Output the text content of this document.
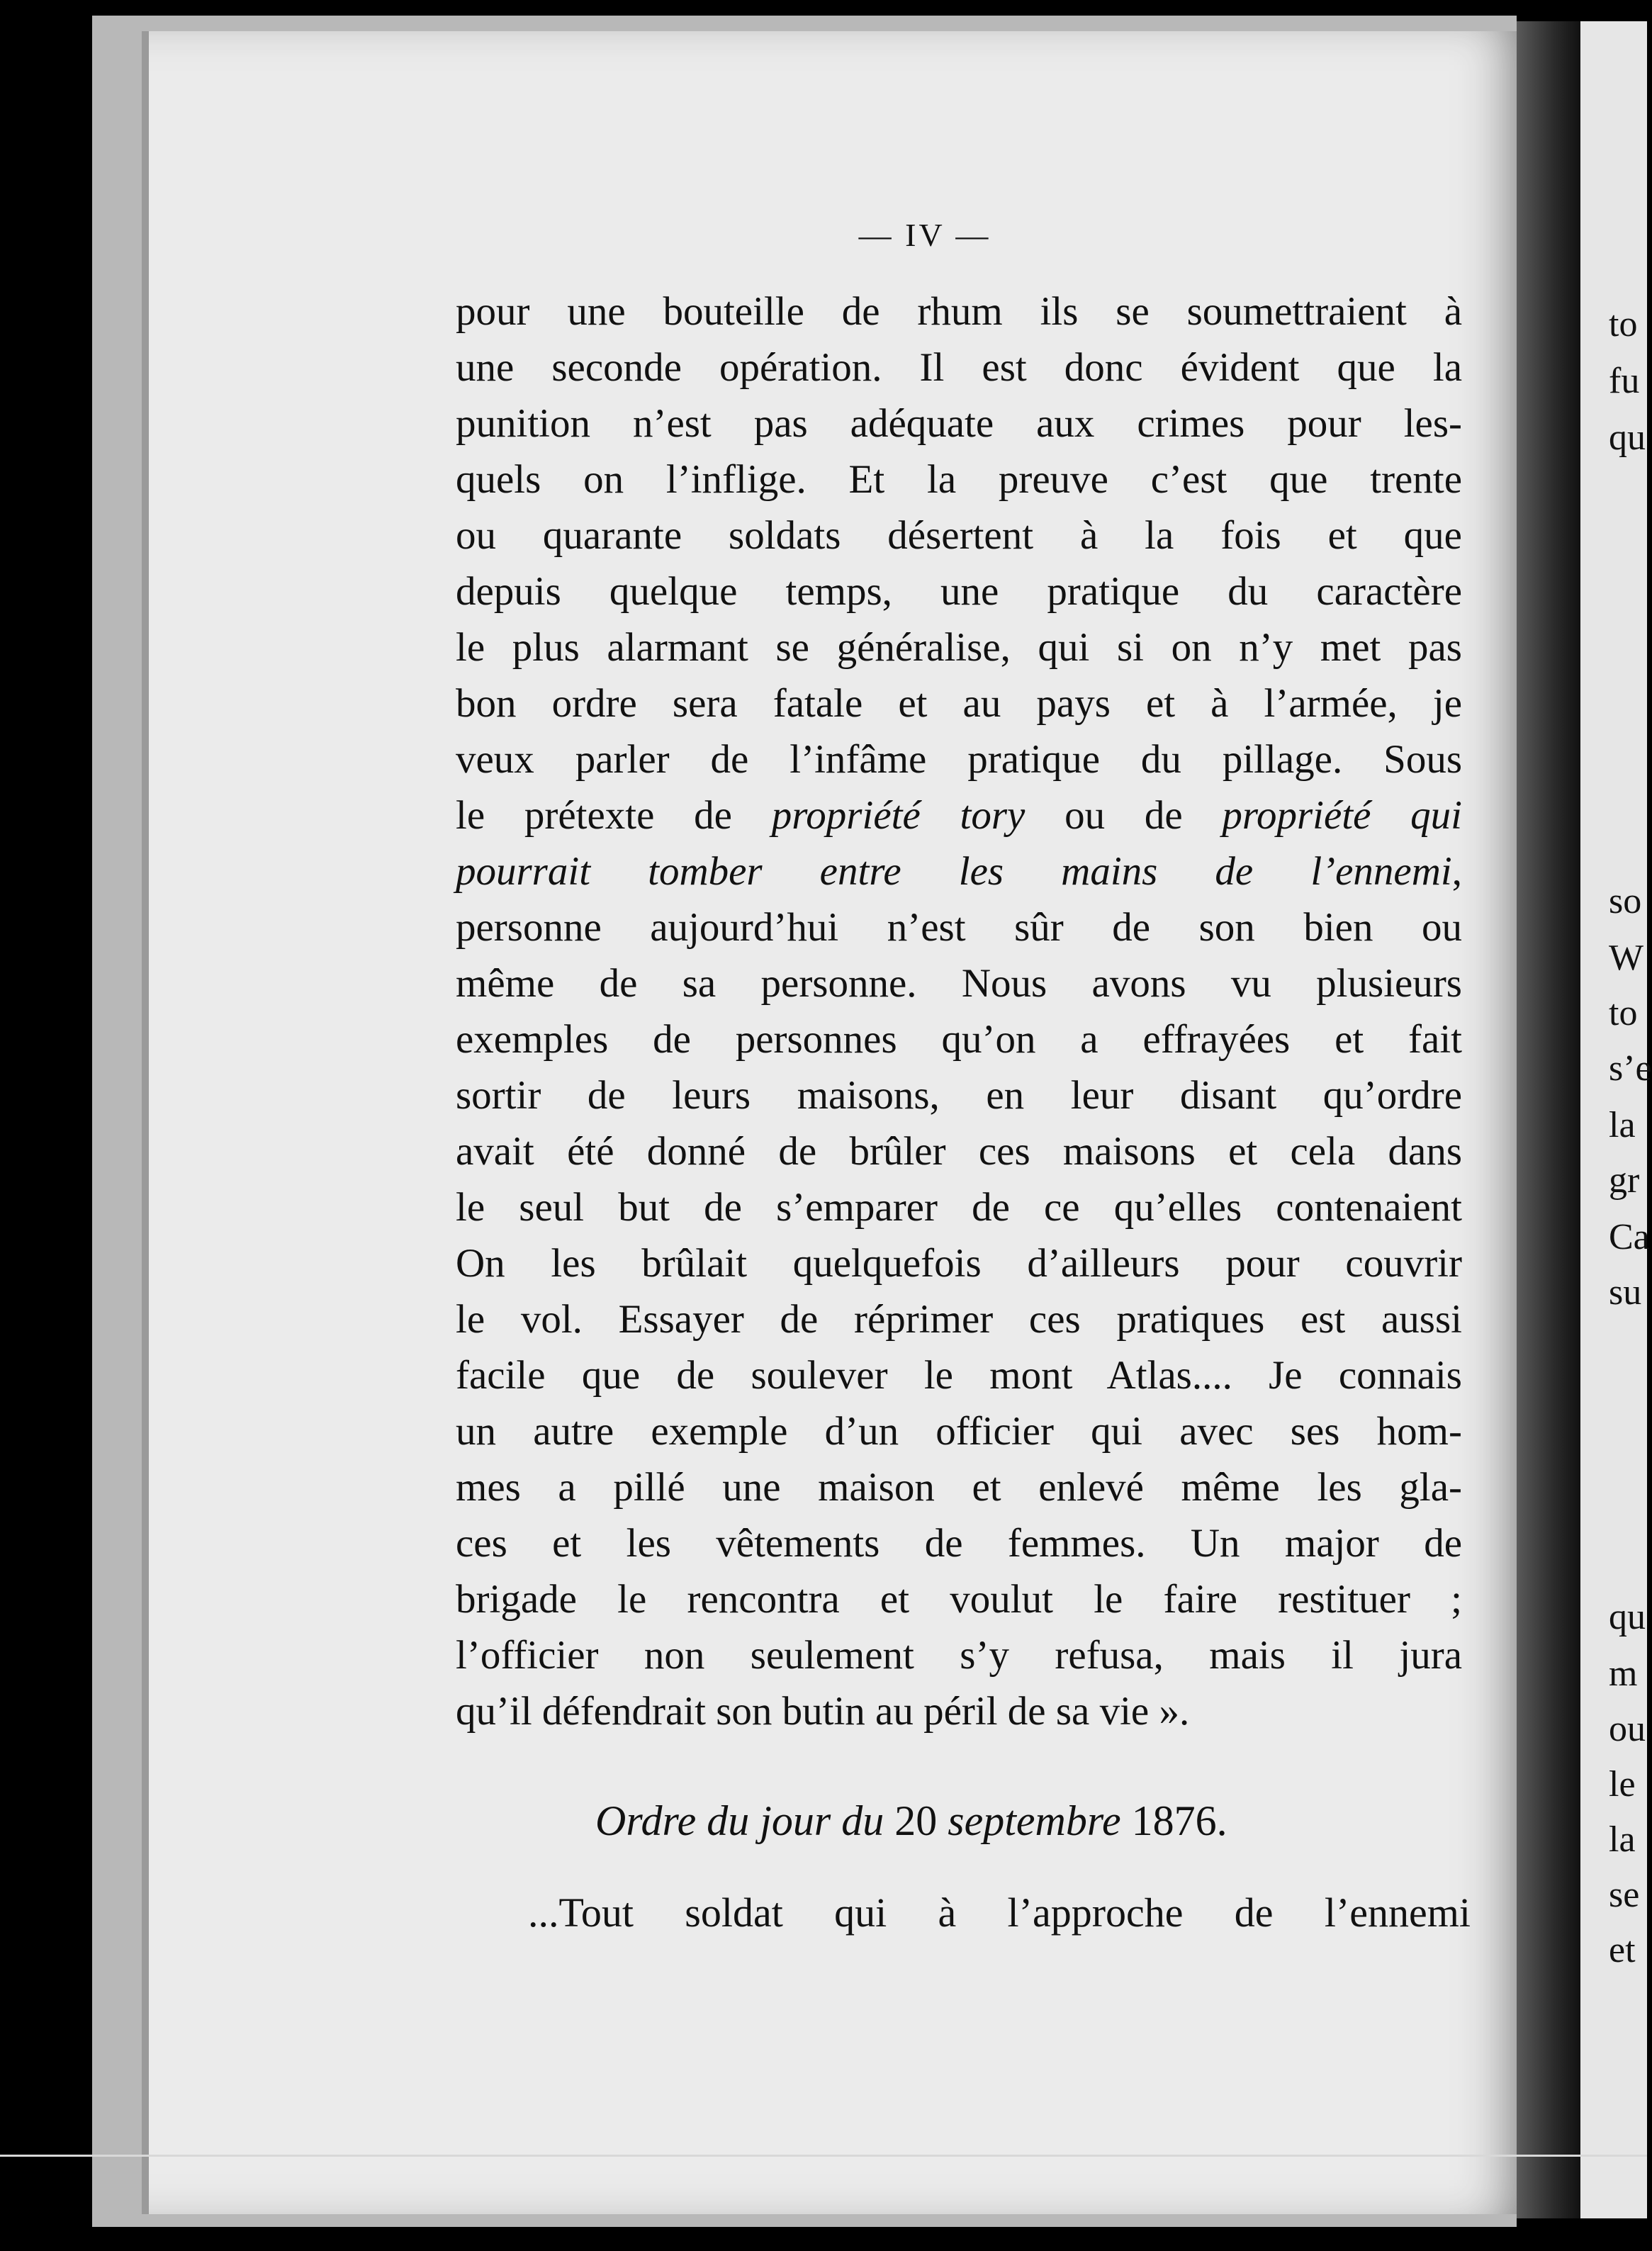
to
fu
qu
so
W
to
s’e
la
gr
Ca
su
qu
m
ou
le
la
se
et
— IV —
pour une bouteille de rhum ils se soumettraient à
une seconde opération. Il est donc évident que la
punition n’est pas adéquate aux crimes pour les-
quels on l’inflige. Et la preuve c’est que trente
ou quarante soldats désertent à la fois et que
depuis quelque temps, une pratique du caractère
le plus alarmant se généralise, qui si on n’y met pas
bon ordre sera fatale et au pays et à l’armée, je
veux parler de l’infâme pratique du pillage. Sous
le prétexte de propriété tory ou de propriété qui
pourrait tomber entre les mains de l’ennemi,
personne aujourd’hui n’est sûr de son bien ou
même de sa personne. Nous avons vu plusieurs
exemples de personnes qu’on a effrayées et fait
sortir de leurs maisons, en leur disant qu’ordre
avait été donné de brûler ces maisons et cela dans
le seul but de s’emparer de ce qu’elles contenaient
On les brûlait quelquefois d’ailleurs pour couvrir
le vol. Essayer de réprimer ces pratiques est aussi
facile que de soulever le mont Atlas.... Je connais
un autre exemple d’un officier qui avec ses hom-
mes a pillé une maison et enlevé même les gla-
ces et les vêtements de femmes. Un major de
brigade le rencontra et voulut le faire restituer ;
l’officier non seulement s’y refusa, mais il jura
qu’il défendrait son butin au péril de sa vie ».
Ordre du jour du 20 septembre 1876.
...Tout soldat qui à l’approche de l’ennemi
